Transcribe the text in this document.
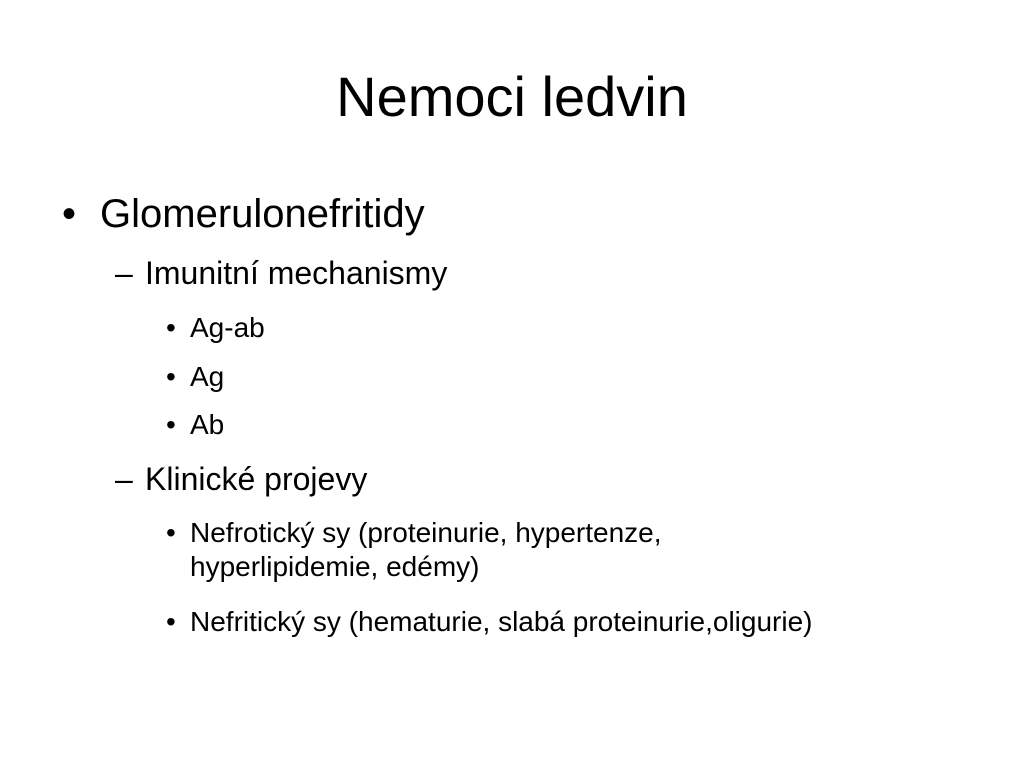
Nemoci ledvin
• Glomerulonefritidy
– Imunitní mechanismy
• Ag-ab
• Ag
• Ab
– Klinické projevy
• Nefrotický sy (proteinurie, hypertenze, hyperlipidemie, edémy)
• Nefritický sy (hematurie, slabá proteinurie,oligurie)
